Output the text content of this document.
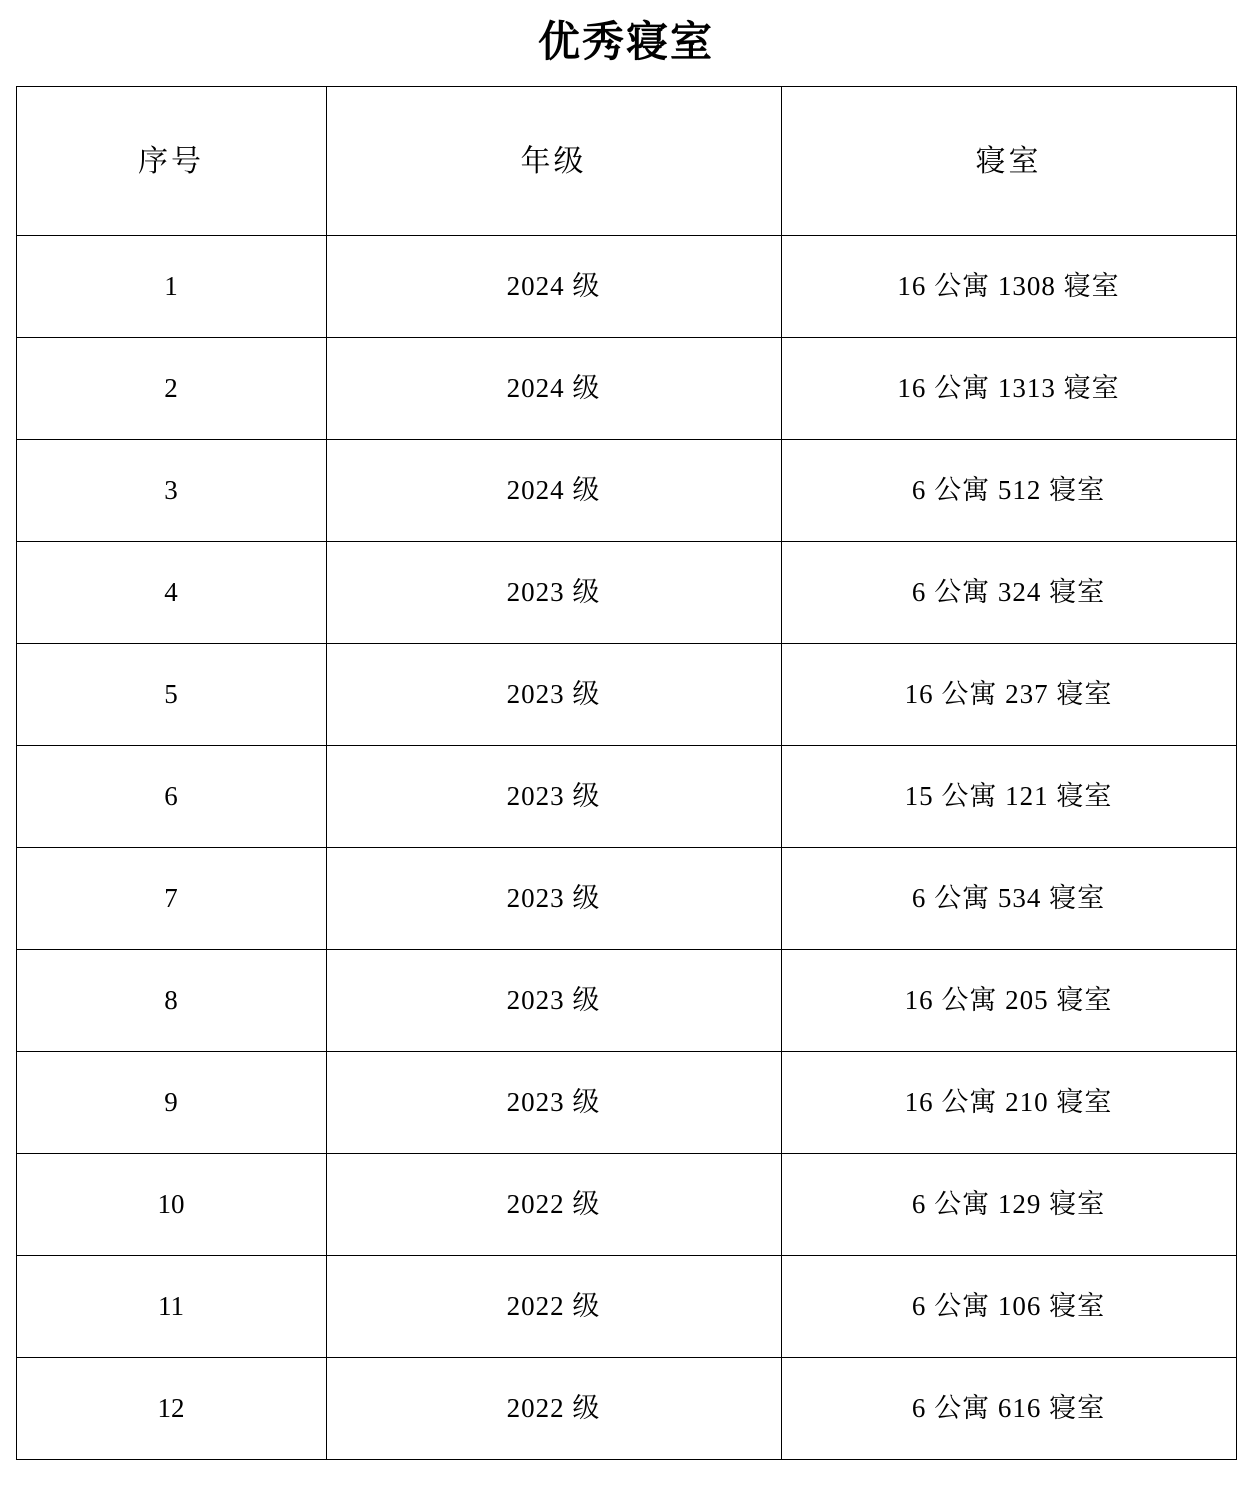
优秀寝室
序号	年级	寝室
1	2024 级	16 公寓 1308 寝室
2	2024 级	16 公寓 1313 寝室
3	2024 级	6 公寓 512 寝室
4	2023 级	6 公寓 324 寝室
5	2023 级	16 公寓 237 寝室
6	2023 级	15 公寓 121 寝室
7	2023 级	6 公寓 534 寝室
8	2023 级	16 公寓 205 寝室
9	2023 级	16 公寓 210 寝室
10	2022 级	6 公寓 129 寝室
11	2022 级	6 公寓 106 寝室
12	2022 级	6 公寓 616 寝室
